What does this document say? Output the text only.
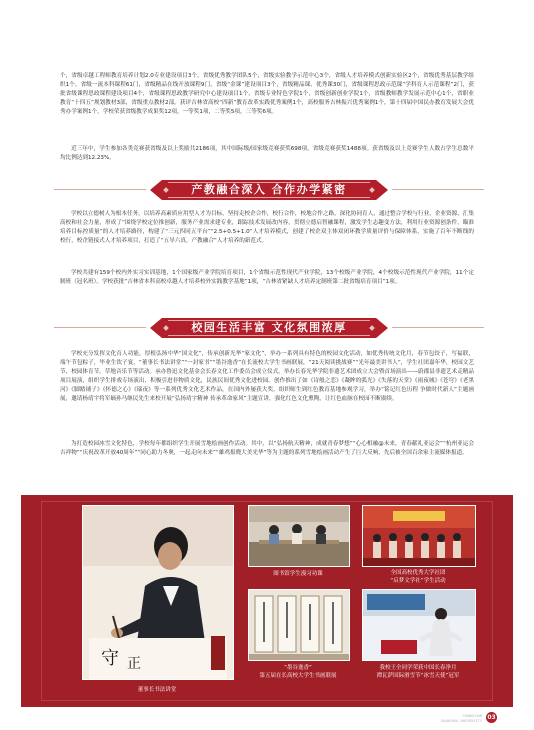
个，省级卓越工程师教育培养计划2.0专业建设项目3个，省级优秀教学团队5个，省级实验教学示范中心3个，省级人才培养模式创新实验区2个，省级优秀基层教学组织1个，省级一流本科课程61门，省级精品在线开放课程9门，省级“金课”建设项目3个，省级精品课、优秀课30门，省级课程思政示范课“学科育人示范课程”2门，获批省级课程思政课程建设项目4个，省级课程思政教学研究中心建设项目1个，省级专业特色学院1个，省级创新创业学院1个，省级教师教学发展示范中心1个，省职业教育“十四五”规划教材3部，省级重点教材2部。获评吉林省高校“四新”教育改革实践优秀案例1个，高校服务吉林振兴优秀案例1个，第十四届中国民办教育发展大会优秀办学案例1个，学校荣获省级教学成果奖12项，一等奖1项，二等奖5项，三等奖6项。

近三年中，学生参加各类竞赛获省级及以上奖励共2186项，其中国际级/国家级竞赛获奖698项，省级竞赛获奖1488项。获省级及以上竞赛学生人数占学生总数平均比例达到12.23%。

产教融合深入 合作办学紧密

学校以立德树人为根本任务，以培养高素质应用型人才为目标，坚持走校企合作，校行合作，校地合作之路，深化协同育人，通过整合学校与行业，企业资源，汇集高校和社会力量，形成了“围绕学校定位推创新，服务产业需求建专业，跟踪技术发展改内容，贯彻立德启智融课程，激发学生志趣变方法，利用行业资源创条件，瞄准培养目标控质量”的人才培养路径，构建了“三元四同五平台”“2.5+0.5+1.0”人才培养模式，创建了校企双主体双闭环教学质量评价与保障体系，实施了百年不断线的校行，校企链接式人才培养项目，打造了“五导六真，产教融合”人才培养的新范式。

学校共建有159个校内外实习实训基地，1个国家级产业学院培育项目，1个省级示范性现代产业学院，13个校级产业学院，4个校级示范性现代产业学院，11个定制班（冠名班）。学校获批“吉林省本科高校卓越人才培养校外实践教学基地”1项，“吉林省紧缺人才培养定制班第二批省级培育项目”1项。

校园生活丰富 文化氛围浓厚

学校充分发挥文化育人功能，厚植弘扬中华“国文化”，传承创新光华“家文化”，举办一系列具有特色的校园文化活动，如优秀传统文化月，春节包饺子，写福联，端午节包粽子，毕业生饮子宴，“董事长书法讲堂”“一封家书”“墨谷逸香”在长流校大学生书画联展，“21天阅读挑战赛”“光年最美讲书人”，学生社团嘉年华，校园文艺节，校园体育节，草地音乐节等活动。承办鲁迅文化基金会长春文化工作委员会成立仪式，举办长春光华学院非遗艺术团成立大会暨首场演出——蔚郡县非遗艺术走精品项目展演，组织学生排戏专场演出，积极引进非物质文化，民族民间优秀文化进校园。创作推出了如《诗般之恋》《凝眸的弧光》《失落的天堂》《雨夜城》《苍穹》《老黑河》《脚踏铺子》《怀德之心》《瑞夜》等一系列优秀文化艺术作品，在国内外屡获大奖。组织师生到红色教育基地参观学习，举办“铭记红色历程 争做时代新人”主题画展，邀请杨靖宇将军嫡孙马继民先生来校开展“弘扬靖宇精神 传承革命家风”主题宣讲，强化红色文化熏陶，让红色血脉在校园不断赓续。

为打造校园冰雪文化特色，学校每年都组织学生开展雪地绘画创作活动。其中，以“弘扬航天精神，成就青春梦想”“心心相融@未来，青春献礼亚运会”“杭州亚运会吉祥物”“庆祝改革开放40周年”“同心助力冬奥，一起走向未来”“雄鸡报晓大美光华”等为主题的系列雪地绘画活动产生了巨大反响，先后被全国百余家主流媒体报道。

守 正
董事长书法讲堂
图书馆学生漫习功课	全国高校优秀大学社团
“启梦文学社”学生活动
“墨谷逸香”
第五届在长高校大学生书画联展
我校王全同学荣获中国长春净月
潭瓦萨国际滑雪节“冰雪天使”冠军
CHANGCHUN
GUANGHUA UNIVERSITY 03
